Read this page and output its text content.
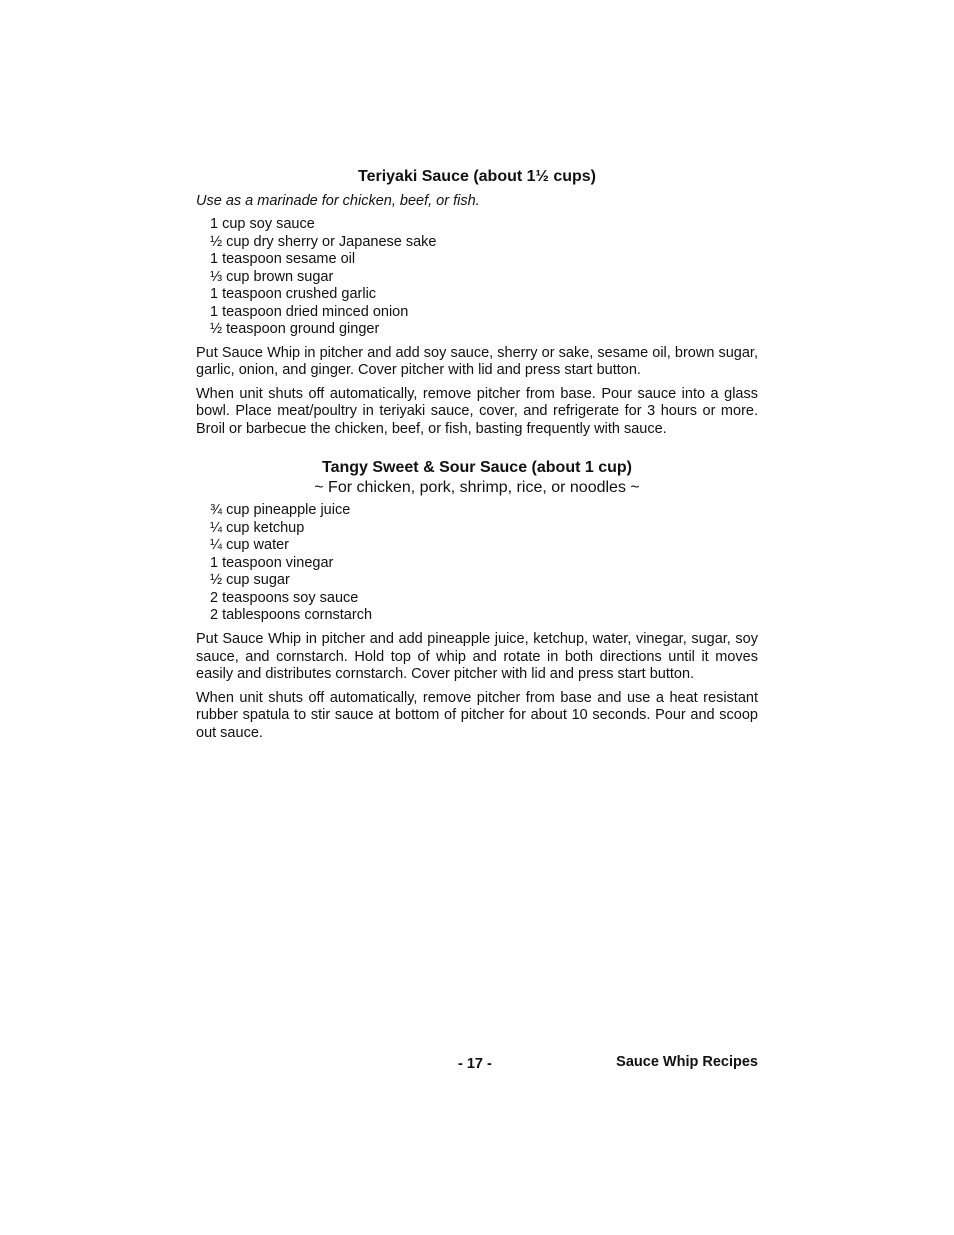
Teriyaki Sauce (about 1½ cups)

Use as a marinade for chicken, beef, or fish.

1 cup soy sauce
½ cup dry sherry or Japanese sake
1 teaspoon sesame oil
⅓ cup brown sugar
1 teaspoon crushed garlic
1 teaspoon dried minced onion
½ teaspoon ground ginger

Put Sauce Whip in pitcher and add soy sauce, sherry or sake, sesame oil, brown sugar, garlic, onion, and ginger. Cover pitcher with lid and press start button.

When unit shuts off automatically, remove pitcher from base. Pour sauce into a glass bowl. Place meat/poultry in teriyaki sauce, cover, and refrigerate for 3 hours or more. Broil or barbecue the chicken, beef, or fish, basting frequently with sauce.

Tangy Sweet & Sour Sauce (about 1 cup)

~ For chicken, pork, shrimp, rice, or noodles ~

¾ cup pineapple juice
¼ cup ketchup
¼ cup water
1 teaspoon vinegar
½ cup sugar
2 teaspoons soy sauce
2 tablespoons cornstarch

Put Sauce Whip in pitcher and add pineapple juice, ketchup, water, vinegar, sugar, soy sauce, and cornstarch. Hold top of whip and rotate in both directions until it moves easily and distributes cornstarch. Cover pitcher with lid and press start button.

When unit shuts off automatically, remove pitcher from base and use a heat resistant rubber spatula to stir sauce at bottom of pitcher for about 10 seconds. Pour and scoop out sauce.

- 17 -	Sauce Whip Recipes
